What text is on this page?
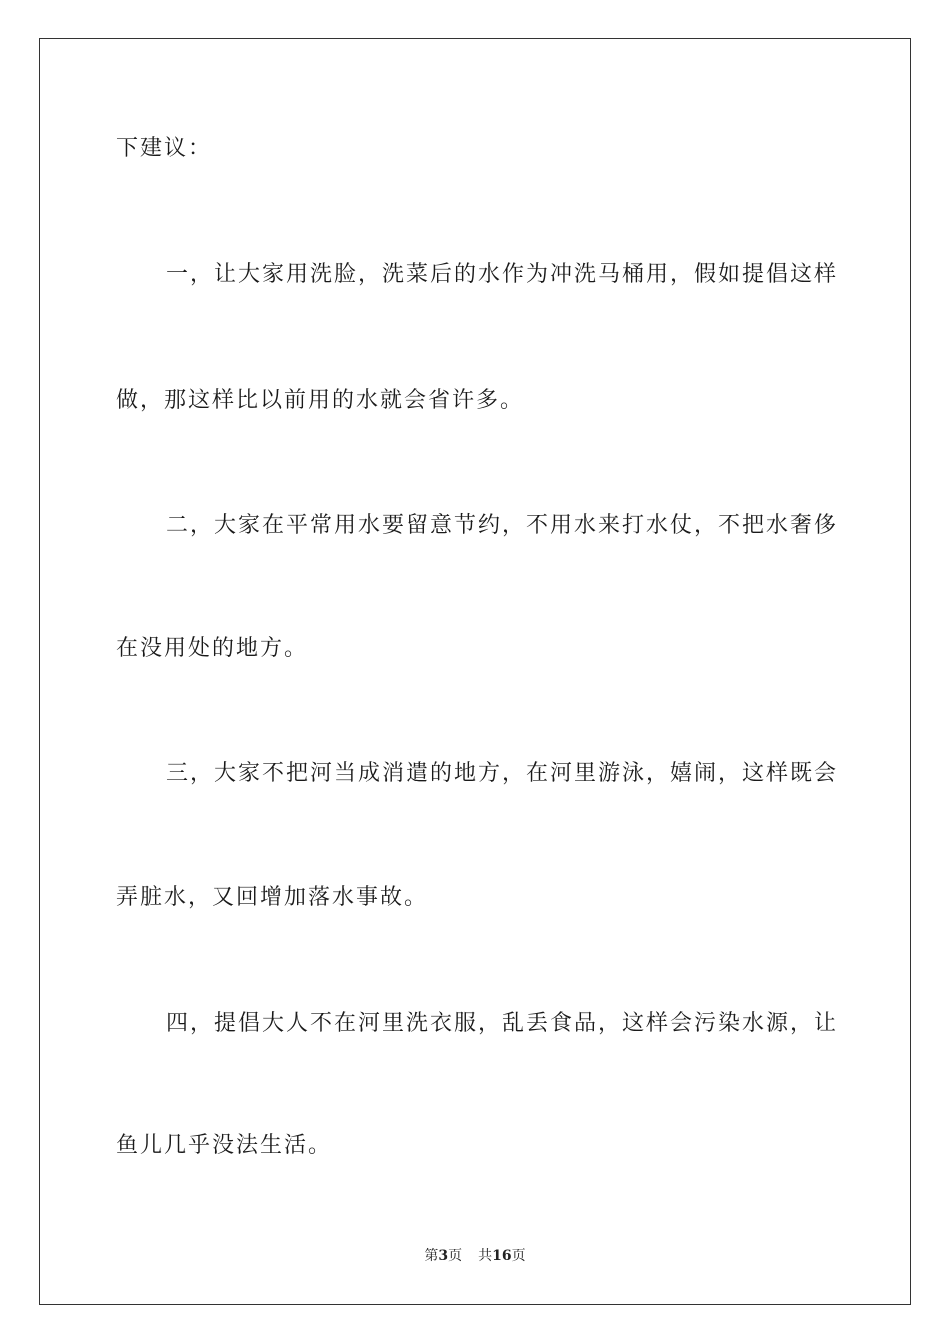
下建议：
一，让大家用洗脸，洗菜后的水作为冲洗马桶用，假如提倡这样
做，那这样比以前用的水就会省许多。
二，大家在平常用水要留意节约，不用水来打水仗，不把水奢侈
在没用处的地方。
三，大家不把河当成消遣的地方，在河里游泳，嬉闹，这样既会
弄脏水，又回增加落水事故。
四，提倡大人不在河里洗衣服，乱丢食品，这样会污染水源，让
鱼儿几乎没法生活。
第3页 共16页
